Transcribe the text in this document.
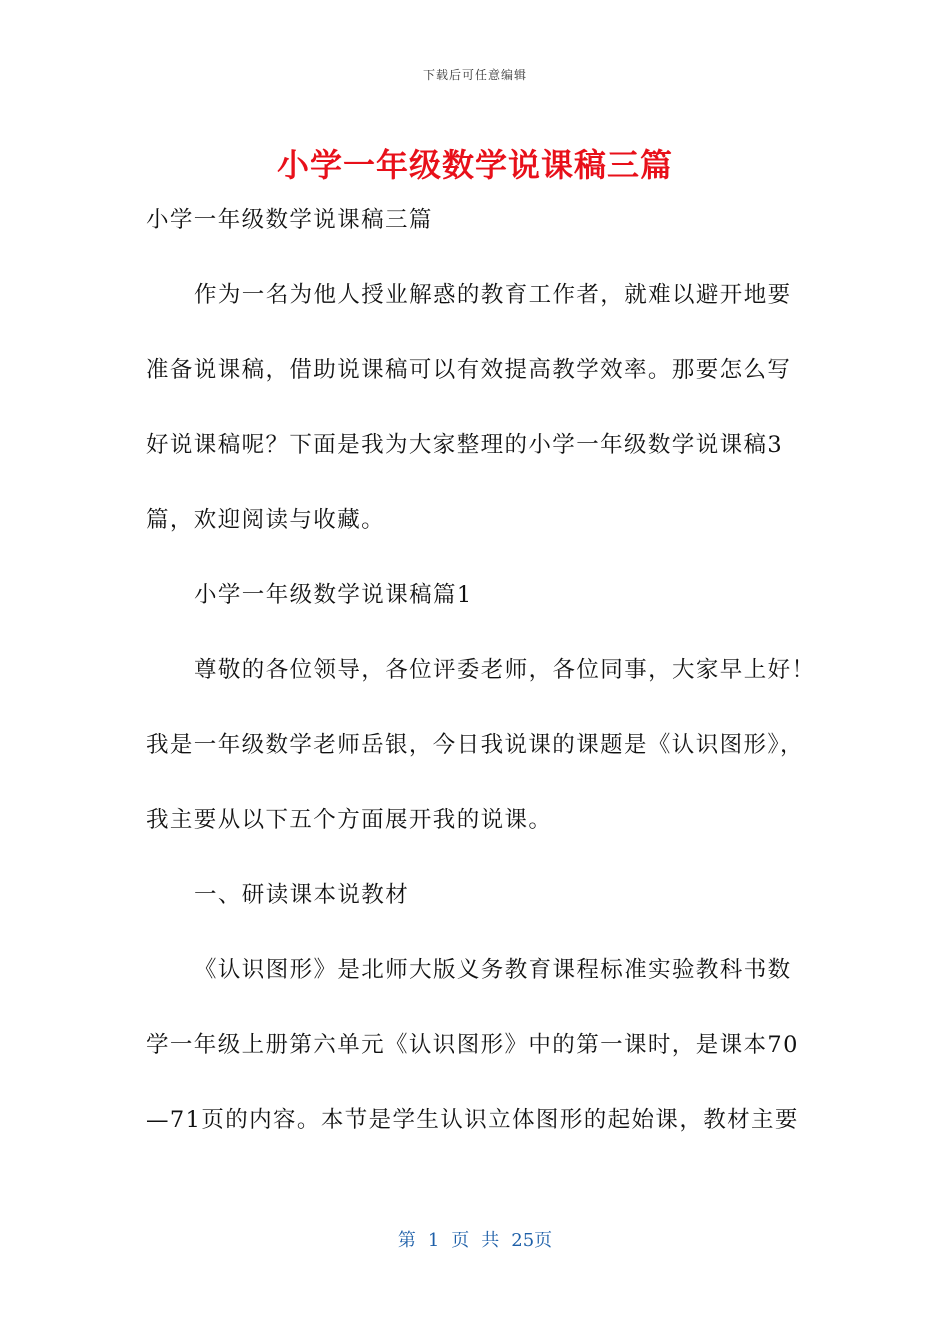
下载后可任意编辑
小学一年级数学说课稿三篇
小学一年级数学说课稿三篇
作为一名为他人授业解惑的教育工作者，就难以避开地要
准备说课稿，借助说课稿可以有效提高教学效率。那要怎么写
好说课稿呢？下面是我为大家整理的小学一年级数学说课稿3
篇，欢迎阅读与收藏。
小学一年级数学说课稿篇1
尊敬的各位领导，各位评委老师，各位同事，大家早上好！
我是一年级数学老师岳银，今日我说课的课题是《认识图形》，
我主要从以下五个方面展开我的说课。
一、研读课本说教材
《认识图形》是北师大版义务教育课程标准实验教科书数
学一年级上册第六单元《认识图形》中的第一课时，是课本70
—71页的内容。本节是学生认识立体图形的起始课，教材主要
第 1 页 共 25页
